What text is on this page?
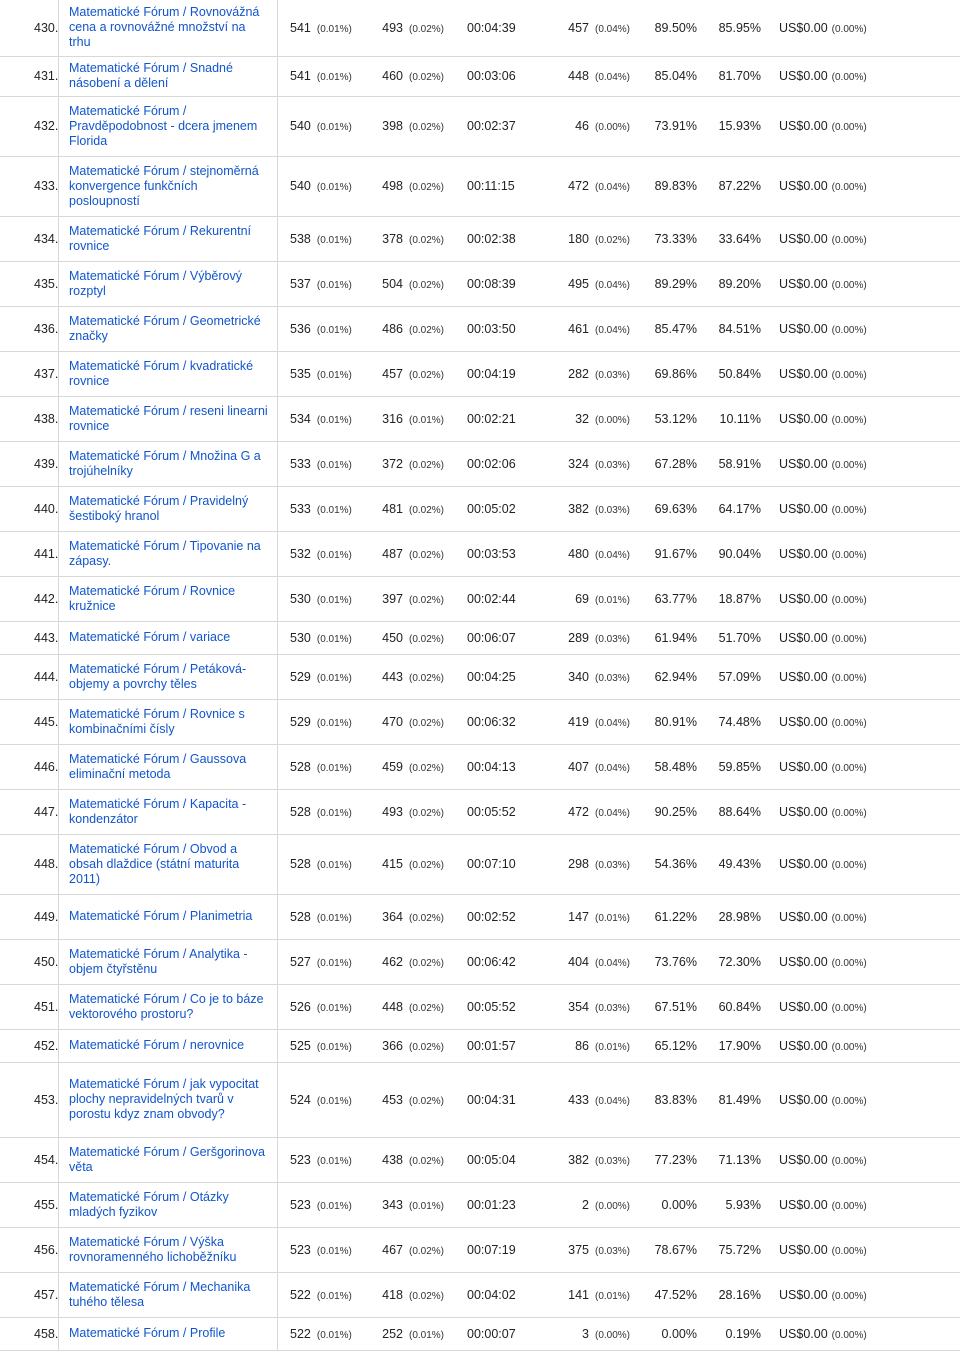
430.	Matematické Fórum / Rovnovážná cena a rovnovážné množství na trhu	541 (0.01%)	493 (0.02%)	00:04:39	457 (0.04%)	89.50%	85.95%	US$0.00 (0.00%)
431.	Matematické Fórum / Snadné násobení a dělení	541 (0.01%)	460 (0.02%)	00:03:06	448 (0.04%)	85.04%	81.70%	US$0.00 (0.00%)
432.	Matematické Fórum / Pravděpodobnost - dcera jmenem Florida	540 (0.01%)	398 (0.02%)	00:02:37	46 (0.00%)	73.91%	15.93%	US$0.00 (0.00%)
433.	Matematické Fórum / stejnoměrná konvergence funkčních posloupností	540 (0.01%)	498 (0.02%)	00:11:15	472 (0.04%)	89.83%	87.22%	US$0.00 (0.00%)
434.	Matematické Fórum / Rekurentní rovnice	538 (0.01%)	378 (0.02%)	00:02:38	180 (0.02%)	73.33%	33.64%	US$0.00 (0.00%)
435.	Matematické Fórum / Výběrový rozptyl	537 (0.01%)	504 (0.02%)	00:08:39	495 (0.04%)	89.29%	89.20%	US$0.00 (0.00%)
436.	Matematické Fórum / Geometrické značky	536 (0.01%)	486 (0.02%)	00:03:50	461 (0.04%)	85.47%	84.51%	US$0.00 (0.00%)
437.	Matematické Fórum / kvadratické rovnice	535 (0.01%)	457 (0.02%)	00:04:19	282 (0.03%)	69.86%	50.84%	US$0.00 (0.00%)
438.	Matematické Fórum / reseni linearni rovnice	534 (0.01%)	316 (0.01%)	00:02:21	32 (0.00%)	53.12%	10.11%	US$0.00 (0.00%)
439.	Matematické Fórum / Množina G a trojúhelníky	533 (0.01%)	372 (0.02%)	00:02:06	324 (0.03%)	67.28%	58.91%	US$0.00 (0.00%)
440.	Matematické Fórum / Pravidelný šestiboký hranol	533 (0.01%)	481 (0.02%)	00:05:02	382 (0.03%)	69.63%	64.17%	US$0.00 (0.00%)
441.	Matematické Fórum / Tipovanie na zápasy.	532 (0.01%)	487 (0.02%)	00:03:53	480 (0.04%)	91.67%	90.04%	US$0.00 (0.00%)
442.	Matematické Fórum / Rovnice kružnice	530 (0.01%)	397 (0.02%)	00:02:44	69 (0.01%)	63.77%	18.87%	US$0.00 (0.00%)
443.	Matematické Fórum / variace	530 (0.01%)	450 (0.02%)	00:06:07	289 (0.03%)	61.94%	51.70%	US$0.00 (0.00%)
444.	Matematické Fórum / Petáková- objemy a povrchy těles	529 (0.01%)	443 (0.02%)	00:04:25	340 (0.03%)	62.94%	57.09%	US$0.00 (0.00%)
445.	Matematické Fórum / Rovnice s kombinačními čísly	529 (0.01%)	470 (0.02%)	00:06:32	419 (0.04%)	80.91%	74.48%	US$0.00 (0.00%)
446.	Matematické Fórum / Gaussova eliminační metoda	528 (0.01%)	459 (0.02%)	00:04:13	407 (0.04%)	58.48%	59.85%	US$0.00 (0.00%)
447.	Matematické Fórum / Kapacita - kondenzátor	528 (0.01%)	493 (0.02%)	00:05:52	472 (0.04%)	90.25%	88.64%	US$0.00 (0.00%)
448.	Matematické Fórum / Obvod a obsah dlaždice (státní maturita 2011)	528 (0.01%)	415 (0.02%)	00:07:10	298 (0.03%)	54.36%	49.43%	US$0.00 (0.00%)
449.	Matematické Fórum / Planimetria	528 (0.01%)	364 (0.02%)	00:02:52	147 (0.01%)	61.22%	28.98%	US$0.00 (0.00%)
450.	Matematické Fórum / Analytika - objem čtyřstěnu	527 (0.01%)	462 (0.02%)	00:06:42	404 (0.04%)	73.76%	72.30%	US$0.00 (0.00%)
451.	Matematické Fórum / Co je to báze vektorového prostoru?	526 (0.01%)	448 (0.02%)	00:05:52	354 (0.03%)	67.51%	60.84%	US$0.00 (0.00%)
452.	Matematické Fórum / nerovnice	525 (0.01%)	366 (0.02%)	00:01:57	86 (0.01%)	65.12%	17.90%	US$0.00 (0.00%)
453.	Matematické Fórum / jak vypocitat plochy nepravidelných tvarů v porostu kdyz znam obvody?	524 (0.01%)	453 (0.02%)	00:04:31	433 (0.04%)	83.83%	81.49%	US$0.00 (0.00%)
454.	Matematické Fórum / Geršgorinova věta	523 (0.01%)	438 (0.02%)	00:05:04	382 (0.03%)	77.23%	71.13%	US$0.00 (0.00%)
455.	Matematické Fórum / Otázky mladých fyzikov	523 (0.01%)	343 (0.01%)	00:01:23	2 (0.00%)	0.00%	5.93%	US$0.00 (0.00%)
456.	Matematické Fórum / Výška rovnoramenného lichoběžníku	523 (0.01%)	467 (0.02%)	00:07:19	375 (0.03%)	78.67%	75.72%	US$0.00 (0.00%)
457.	Matematické Fórum / Mechanika tuhého tělesa	522 (0.01%)	418 (0.02%)	00:04:02	141 (0.01%)	47.52%	28.16%	US$0.00 (0.00%)
458.	Matematické Fórum / Profile	522 (0.01%)	252 (0.01%)	00:00:07	3 (0.00%)	0.00%	0.19%	US$0.00 (0.00%)
